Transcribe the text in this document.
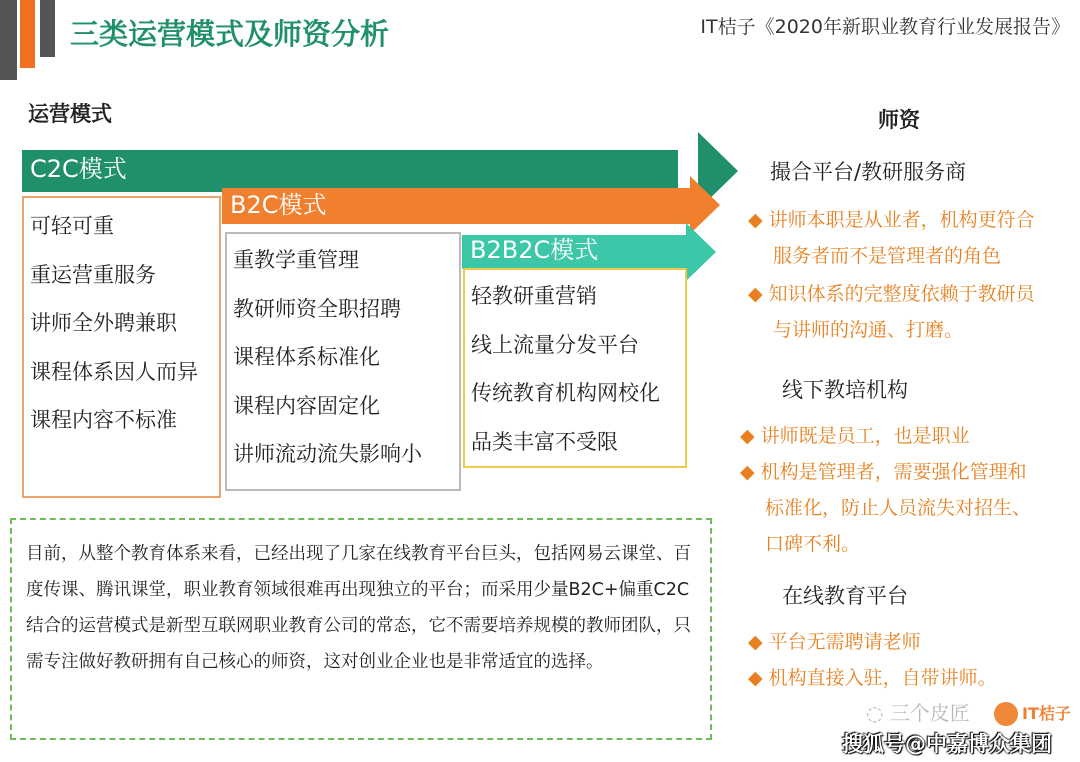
三类运营模式及师资分析	IT桔子《2020年新职业教育行业发展报告》
运营模式	师资
C2C模式
B2C模式
B2B2C模式
可轻可重
重运营重服务
讲师全外聘兼职
课程体系因人而异
课程内容不标准
重教学重管理
教研师资全职招聘
课程体系标准化
课程内容固定化
讲师流动流失影响小
轻教研重营销
线上流量分发平台
传统教育机构网校化
品类丰富不受限
目前，从整个教育体系来看，已经出现了几家在线教育平台巨头，包括网易云课堂、百度传课、腾讯课堂，职业教育领域很难再出现独立的平台；而采用少量B2C+偏重C2C结合的运营模式是新型互联网职业教育公司的常态，它不需要培养规模的教师团队，只需专注做好教研拥有自己核心的师资，这对创业企业也是非常适宜的选择。
撮合平台/教研服务商
◆ 讲师本职是从业者，机构更符合
服务者而不是管理者的角色
◆ 知识体系的完整度依赖于教研员
与讲师的沟通、打磨。
线下教培机构
◆ 讲师既是员工，也是职业
◆ 机构是管理者，需要强化管理和
标准化，防止人员流失对招生、
口碑不利。
在线教育平台
◆ 平台无需聘请老师
◆ 机构直接入驻，自带讲师。
◌ 三个皮匠	IT桔子
搜狐号@中嘉博众集团
